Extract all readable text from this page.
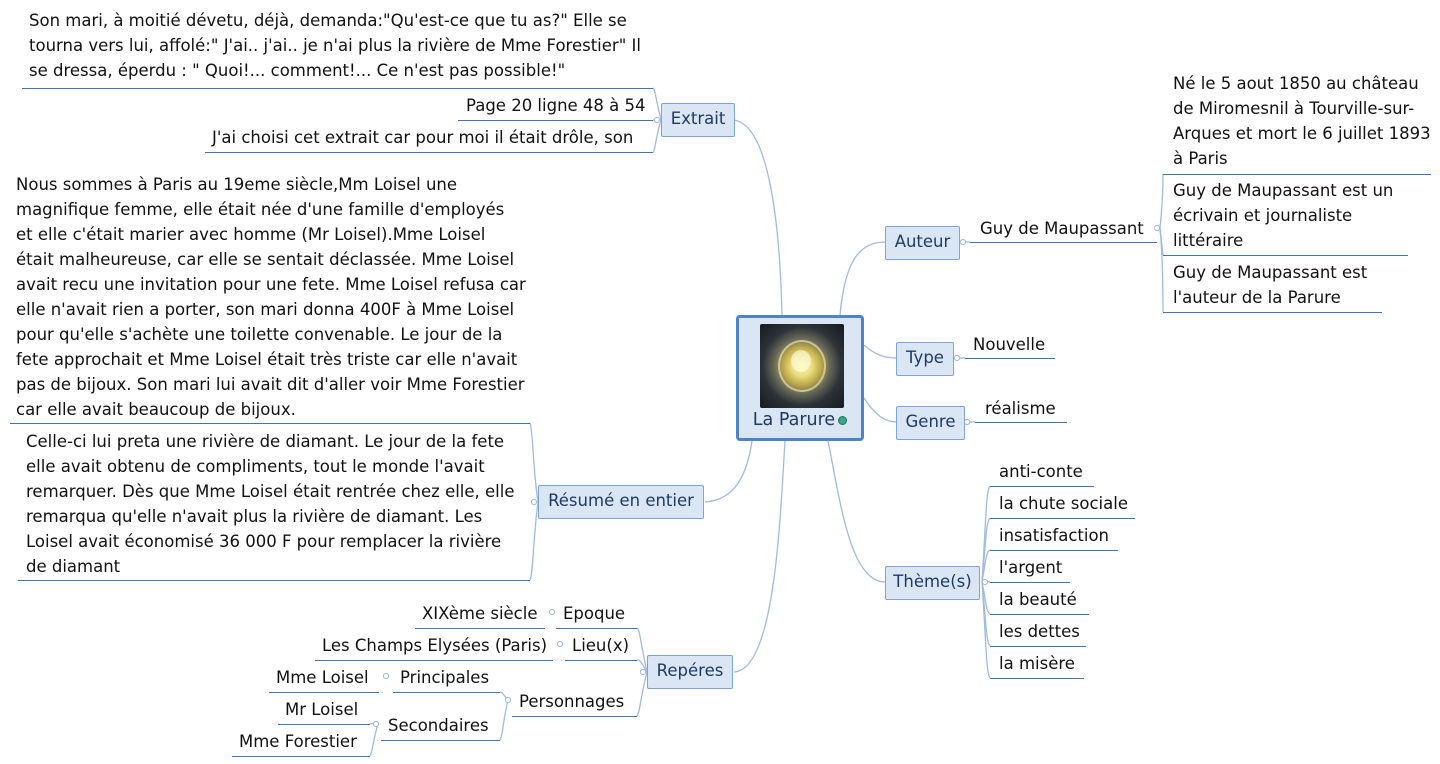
La Parure
Extrait
Son mari, à moitié dévetu, déjà, demanda:"Qu'est-ce que tu as?" Elle se tourna vers lui, affolé:" J'ai.. j'ai.. je n'ai plus la rivière de Mme Forestier" Il se dressa, éperdu : " Quoi!... comment!... Ce n'est pas possible!"
Page 20 ligne 48 à 54
J'ai choisi cet extrait car pour moi il était drôle, son
Résumé en entier
Nous sommes à Paris au 19eme siècle,Mm Loisel une magnifique femme, elle était née d'une famille d'employés et elle c'était marier avec homme (Mr Loisel).Mme Loisel était malheureuse, car elle se sentait déclassée. Mme Loisel avait recu une invitation pour une fete. Mme Loisel refusa car elle n'avait rien a porter, son mari donna 400F à Mme Loisel pour qu'elle s'achète une toilette convenable. Le jour de la fete approchait et Mme Loisel était très triste car elle n'avait pas de bijoux. Son mari lui avait dit d'aller voir Mme Forestier car elle avait beaucoup de bijoux.
Celle-ci lui preta une rivière de diamant. Le jour de la fete elle avait obtenu de compliments, tout le monde l'avait remarquer. Dès que Mme Loisel était rentrée chez elle, elle remarqua qu'elle n'avait plus la rivière de diamant. Les Loisel avait économisé 36 000 F pour remplacer la rivière de diamant
Repéres
Epoque
XIXème siècle
Lieu(x)
Les Champs Elysées (Paris)
Personnages
Principales
Mme Loisel
Secondaires
Mr Loisel
Mme Forestier
Auteur
Guy de Maupassant
Né le 5 aout 1850 au château de Miromesnil à Tourville-sur-Arques et mort le 6 juillet 1893 à Paris
Guy de Maupassant est un écrivain et journaliste littéraire
Guy de Maupassant est l'auteur de la Parure
Type
Nouvelle
Genre
réalisme
Thème(s)
anti-conte
la chute sociale
insatisfaction
l'argent
la beauté
les dettes
la misère
